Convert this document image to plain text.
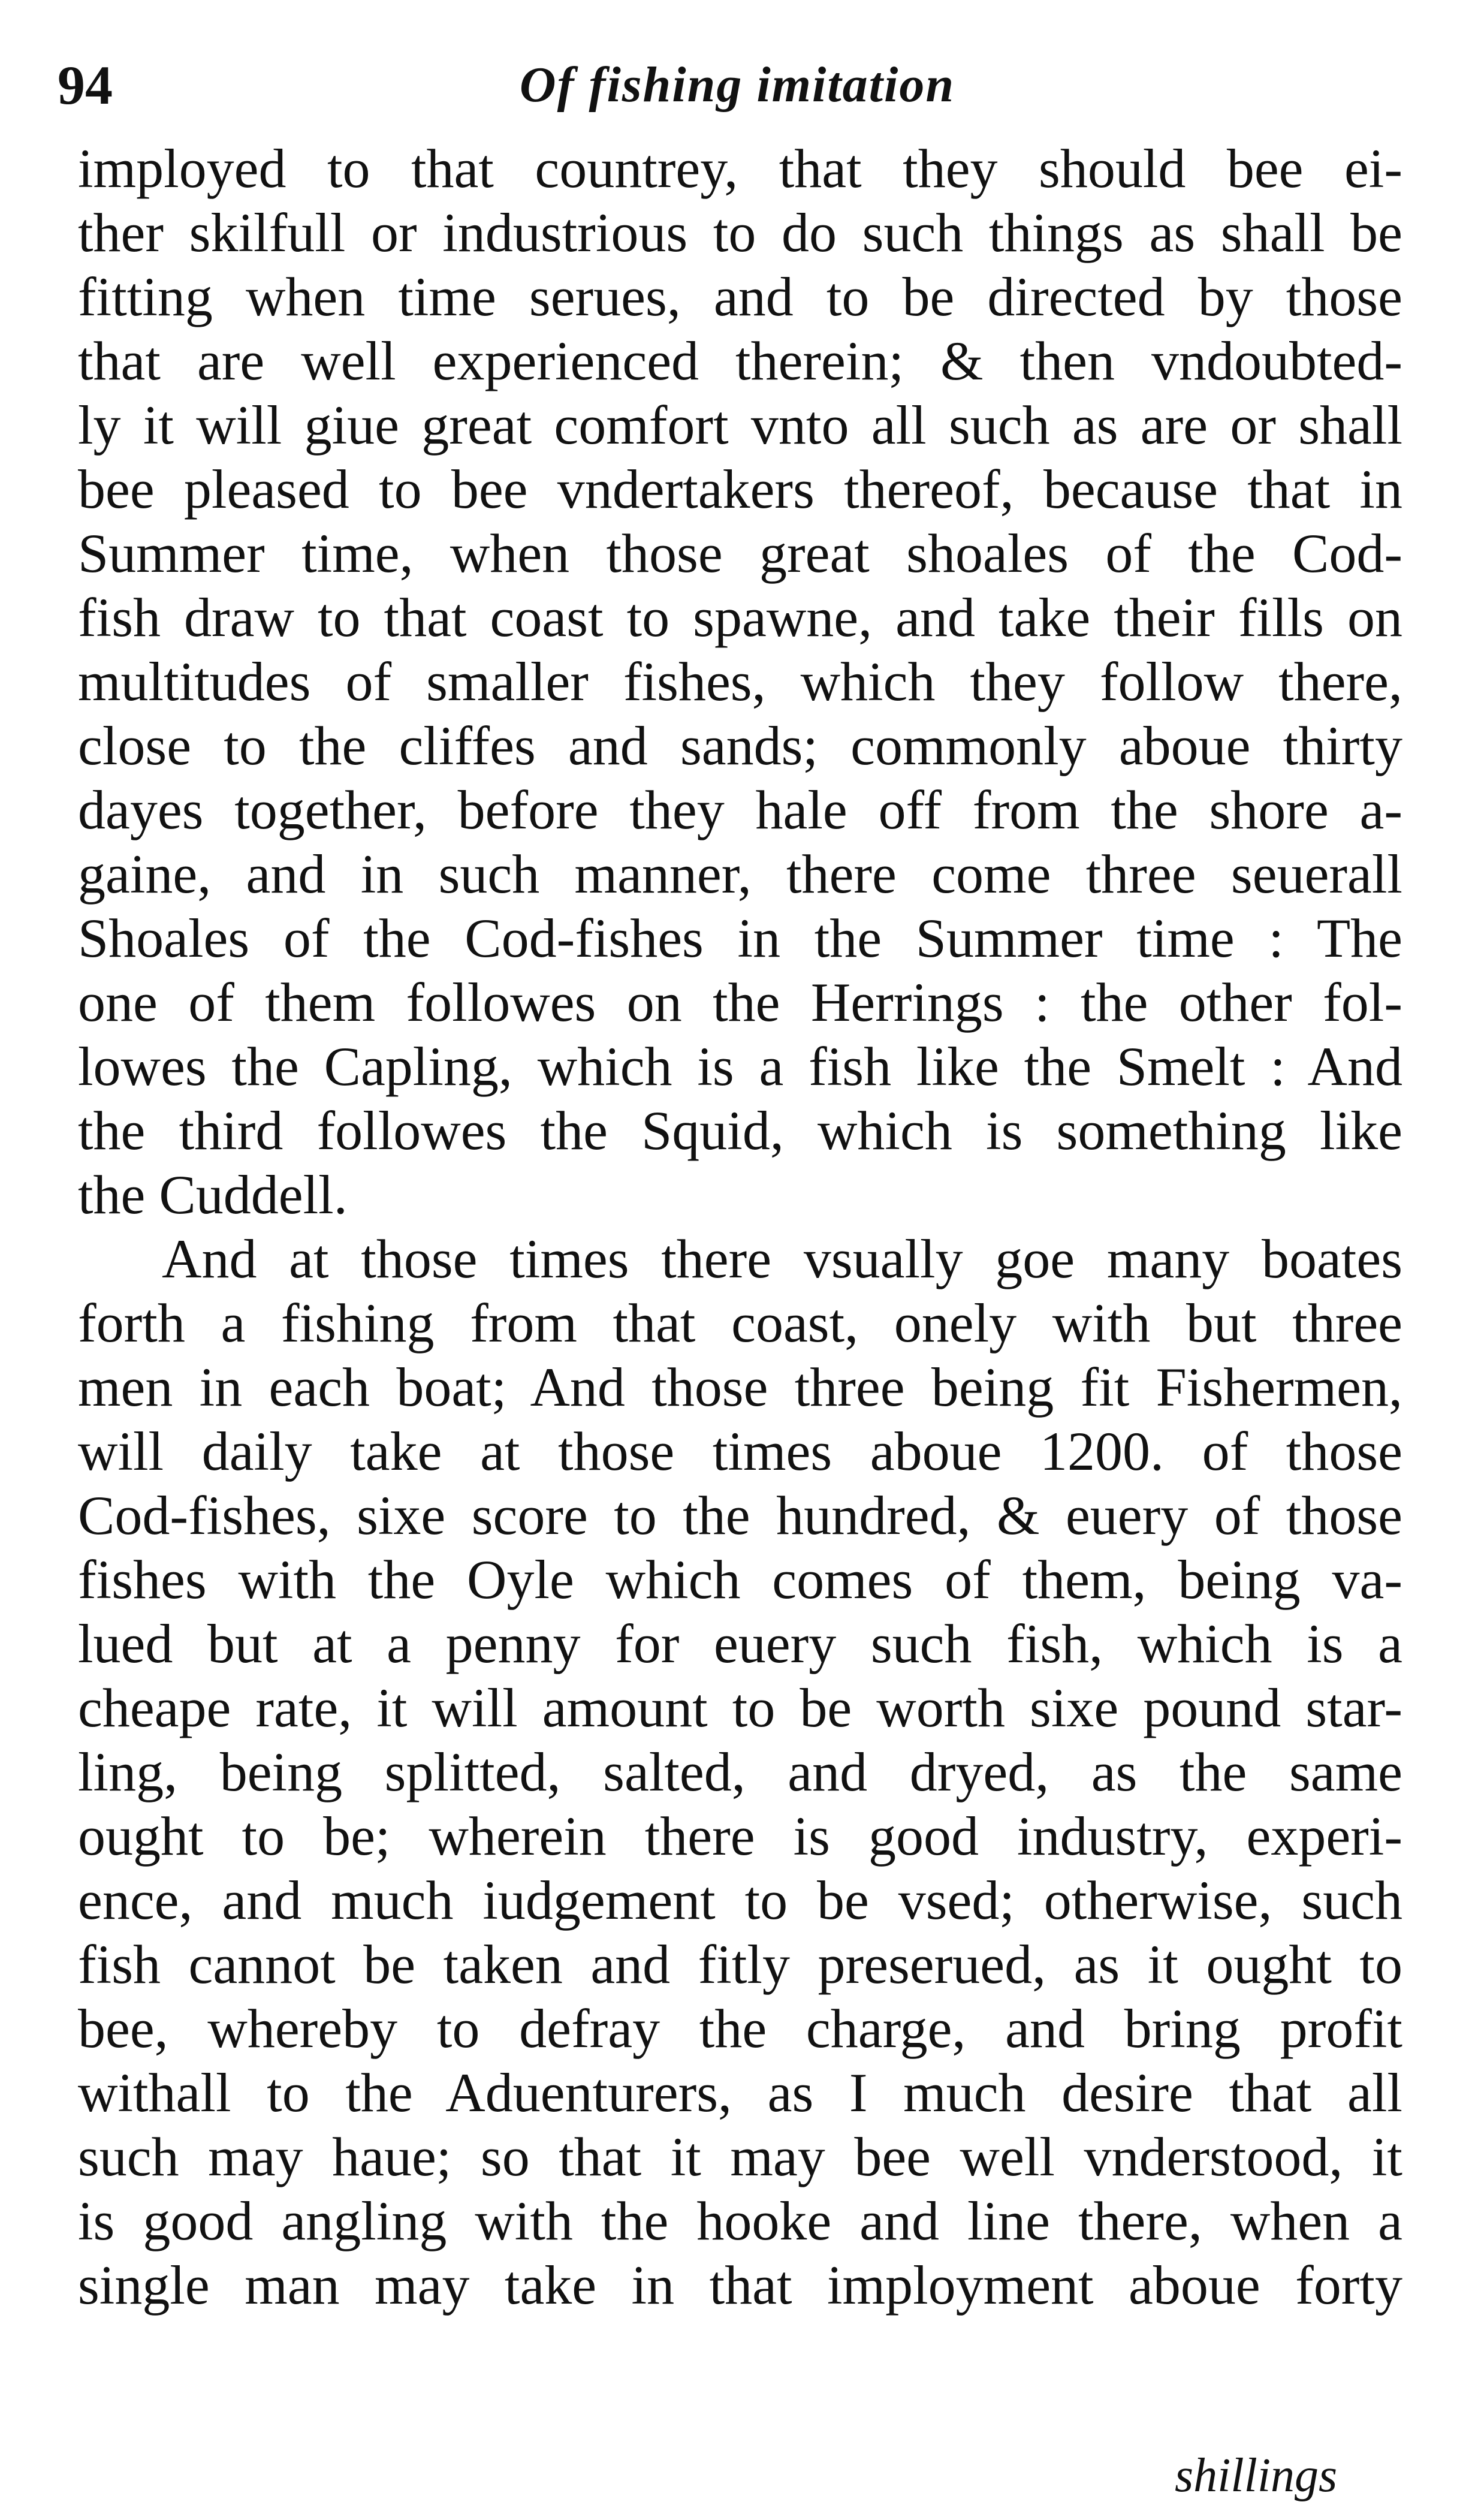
94	Of fishing imitation
imployed to that countrey, that they should bee ei-
ther skilfull or industrious to do such things as shall be
fitting when time serues, and to be directed by those
that are well experienced therein; & then vndoubted-
ly it will giue great comfort vnto all such as are or shall
bee pleased to bee vndertakers thereof, because that in
Summer time, when those great shoales of the Cod-
fish draw to that coast to spawne, and take their fills on
multitudes of smaller fishes, which they follow there,
close to the cliffes and sands; commonly aboue thirty
dayes together, before they hale off from the shore a-
gaine, and in such manner, there come three seuerall
Shoales of the Cod-fishes in the Summer time : The
one of them followes on the Herrings : the other fol-
lowes the Capling, which is a fish like the Smelt : And
the third followes the Squid, which is something like
the Cuddell.
And at those times there vsually goe many boates
forth a fishing from that coast, onely with but three
men in each boat; And those three being fit Fishermen,
will daily take at those times aboue 1200. of those
Cod-fishes, sixe score to the hundred, & euery of those
fishes with the Oyle which comes of them, being va-
lued but at a penny for euery such fish, which is a
cheape rate, it will amount to be worth sixe pound star-
ling, being splitted, salted, and dryed, as the same
ought to be; wherein there is good industry, experi-
ence, and much iudgement to be vsed; otherwise, such
fish cannot be taken and fitly preserued, as it ought to
bee, whereby to defray the charge, and bring profit
withall to the Aduenturers, as I much desire that all
such may haue; so that it may bee well vnderstood, it
is good angling with the hooke and line there, when a
single man may take in that imployment aboue forty
shillings
